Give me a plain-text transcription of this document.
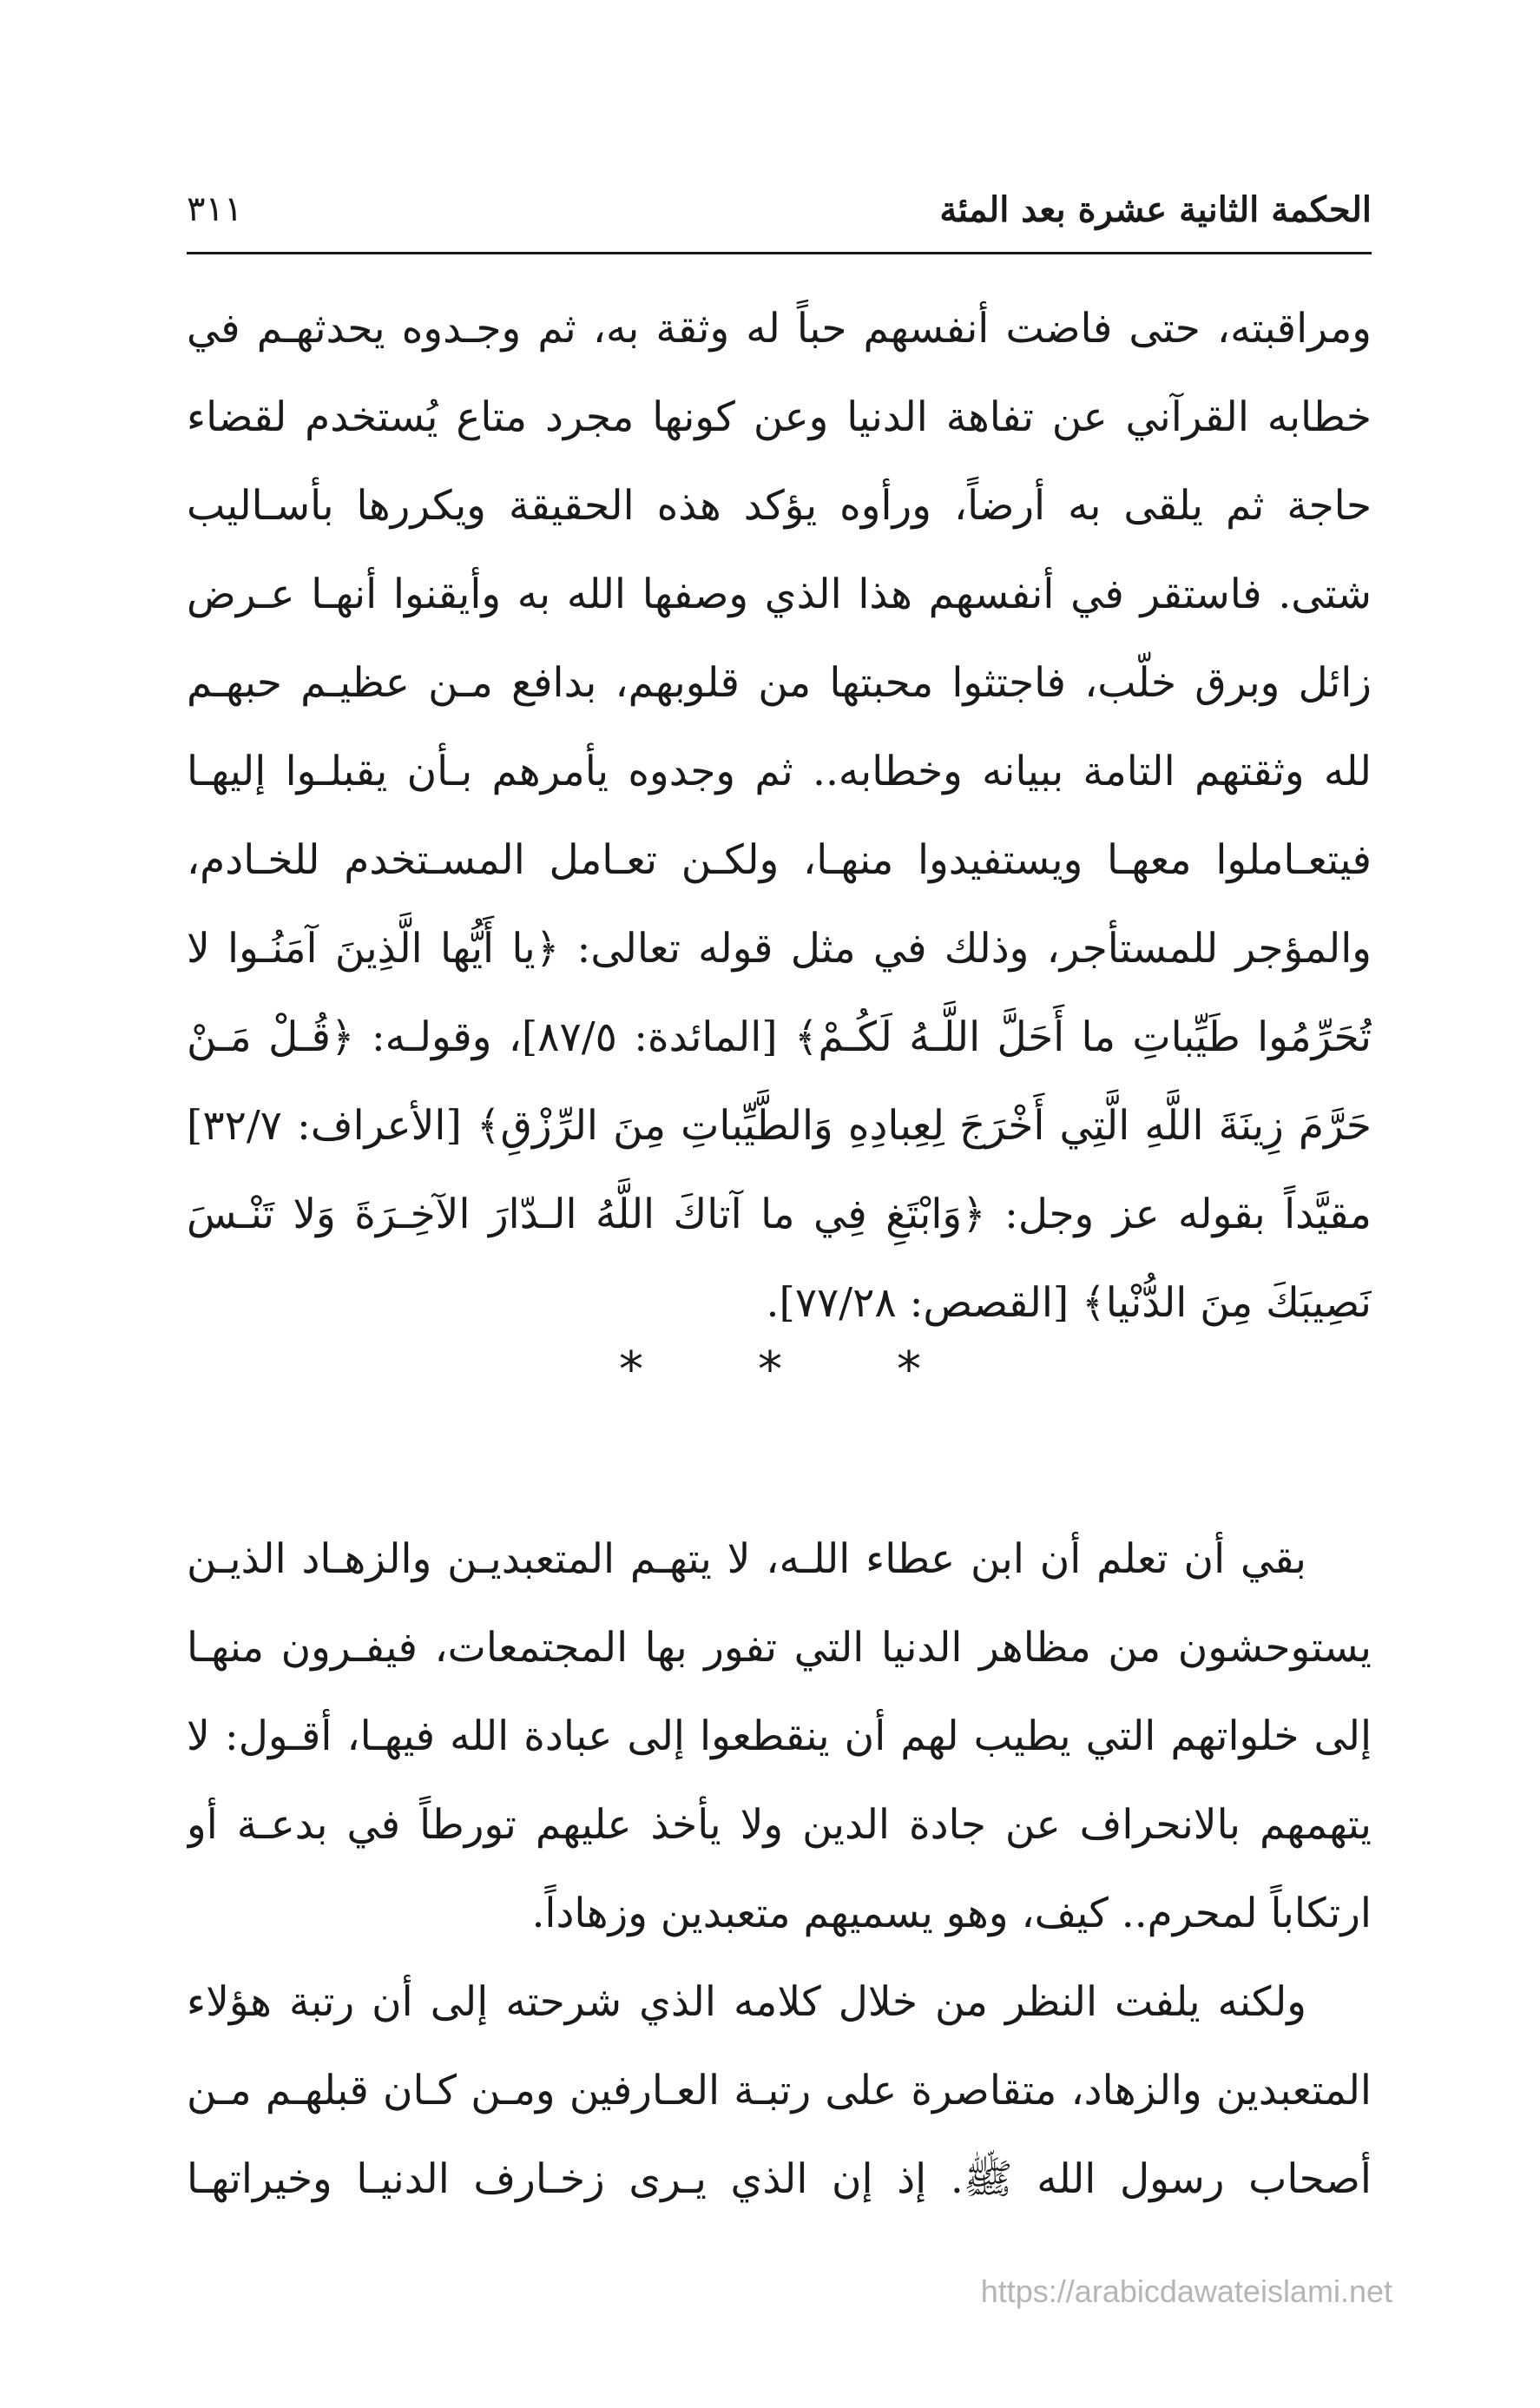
الحكمة الثانية عشرة بعد المئة
٣١١
ومراقبته، حتى فاضت أنفسهم حباً له وثقة به، ثم وجـدوه يحدثهـم في
خطابه القرآني عن تفاهة الدنيا وعن كونها مجرد متاع يُستخدم لقضاء
حاجة ثم يلقى به أرضاً، ورأوه يؤكد هذه الحقيقة ويكررها بأسـاليب
شتى. فاستقر في أنفسهم هذا الذي وصفها الله به وأيقنوا أنهـا عـرض
زائل وبرق خلّب، فاجتثوا محبتها من قلوبهم، بدافع مـن عظيـم حبهـم
لله وثقتهم التامة ببيانه وخطابه.. ثم وجدوه يأمرهم بـأن يقبلـوا إليهـا
فيتعـاملوا معهـا ويستفيدوا منهـا، ولكـن تعـامل المسـتخدم للخـادم،
والمؤجر للمستأجر، وذلك في مثل قوله تعالى: ﴿يا أَيُّها الَّذِينَ آمَنُـوا لا
تُحَرِّمُوا طَيِّباتِ ما أَحَلَّ اللَّـهُ لَكُـمْ﴾ [المائدة: ٨٧/٥]، وقولـه: ﴿قُـلْ مَـنْ
حَرَّمَ زِينَةَ اللَّهِ الَّتِي أَخْرَجَ لِعِبادِهِ وَالطَّيِّباتِ مِنَ الرِّزْقِ﴾ [الأعراف: ٣٢/٧]
مقيَّداً بقوله عز وجل: ﴿وَابْتَغِ فِي ما آتاكَ اللَّهُ الـدّارَ الآخِـرَةَ وَلا تَنْـسَ
نَصِيبَكَ مِنَ الدُّنْيا﴾ [القصص: ٧٧/٢٨].
* * *
بقي أن تعلم أن ابن عطاء اللـه، لا يتهـم المتعبديـن والزهـاد الذيـن
يستوحشون من مظاهر الدنيا التي تفور بها المجتمعات، فيفـرون منهـا
إلى خلواتهم التي يطيب لهم أن ينقطعوا إلى عبادة الله فيهـا، أقـول: لا
يتهمهم بالانحراف عن جادة الدين ولا يأخذ عليهم تورطاً في بدعـة أو
ارتكاباً لمحرم.. كيف، وهو يسميهم متعبدين وزهاداً.
ولكنه يلفت النظر من خلال كلامه الذي شرحته إلى أن رتبة هؤلاء
المتعبدين والزهاد، متقاصرة على رتبـة العـارفين ومـن كـان قبلهـم مـن
أصحاب رسول الله ﷺ. إذ إن الذي يـرى زخـارف الدنيـا وخيراتهـا
https://arabicdawateislami.net
